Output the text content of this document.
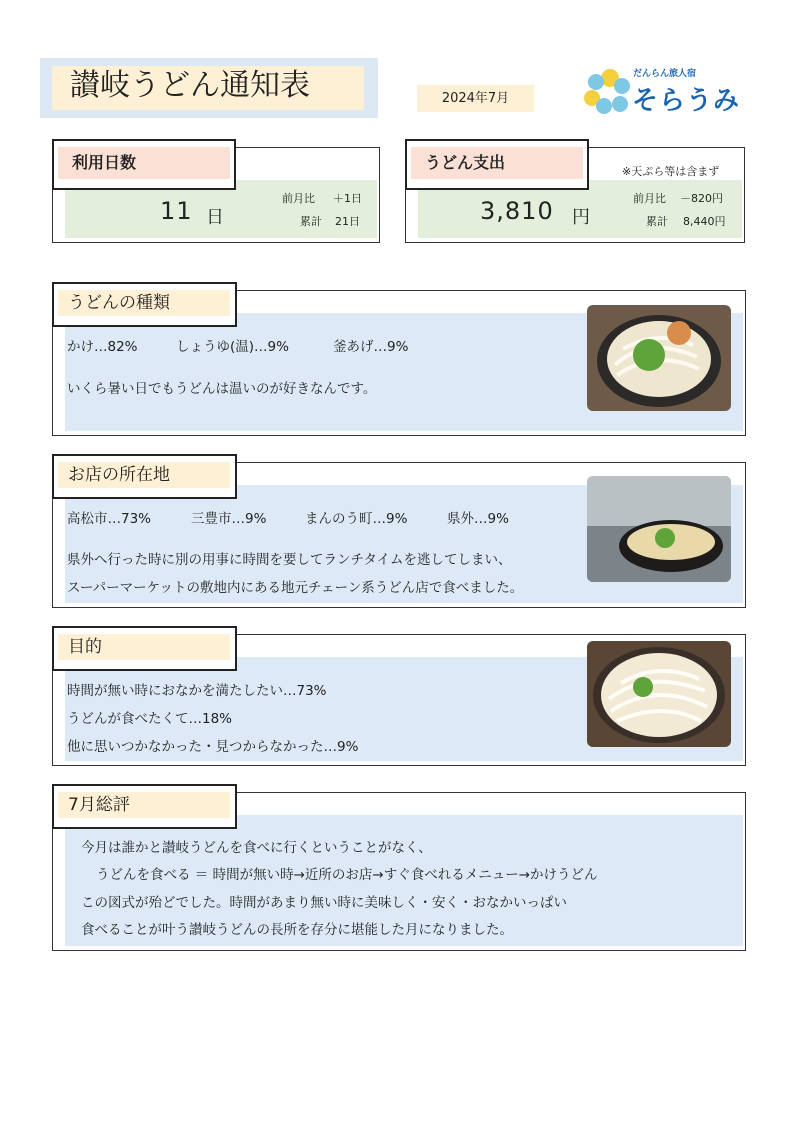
讃岐うどん通知表	2024年7月
だんらん旅人宿
そらうみ
利用日数
11 日
前月比 ＋1日
累計 21日
うどん支出	※天ぷら等は含まず
3,810 円
前月比 －820円
累計 8,440円
うどんの種類
かけ…82%	しょうゆ(温)…9%	釜あげ…9%
いくら暑い日でもうどんは温いのが好きなんです。
お店の所在地
高松市…73%	三豊市…9%	まんのう町…9%	県外…9%
県外へ行った時に別の用事に時間を要してランチタイムを逃してしまい、
スーパーマーケットの敷地内にある地元チェーン系うどん店で食べました。
目的
時間が無い時におなかを満たしたい…73%
うどんが食べたくて…18%
他に思いつかなかった・見つからなかった…9%
7月総評
今月は誰かと讃岐うどんを食べに行くということがなく、
うどんを食べる ＝ 時間が無い時→近所のお店→すぐ食べれるメニュー→かけうどん
この図式が殆どでした。時間があまり無い時に美味しく・安く・おなかいっぱい
食べることが叶う讃岐うどんの長所を存分に堪能した月になりました。
